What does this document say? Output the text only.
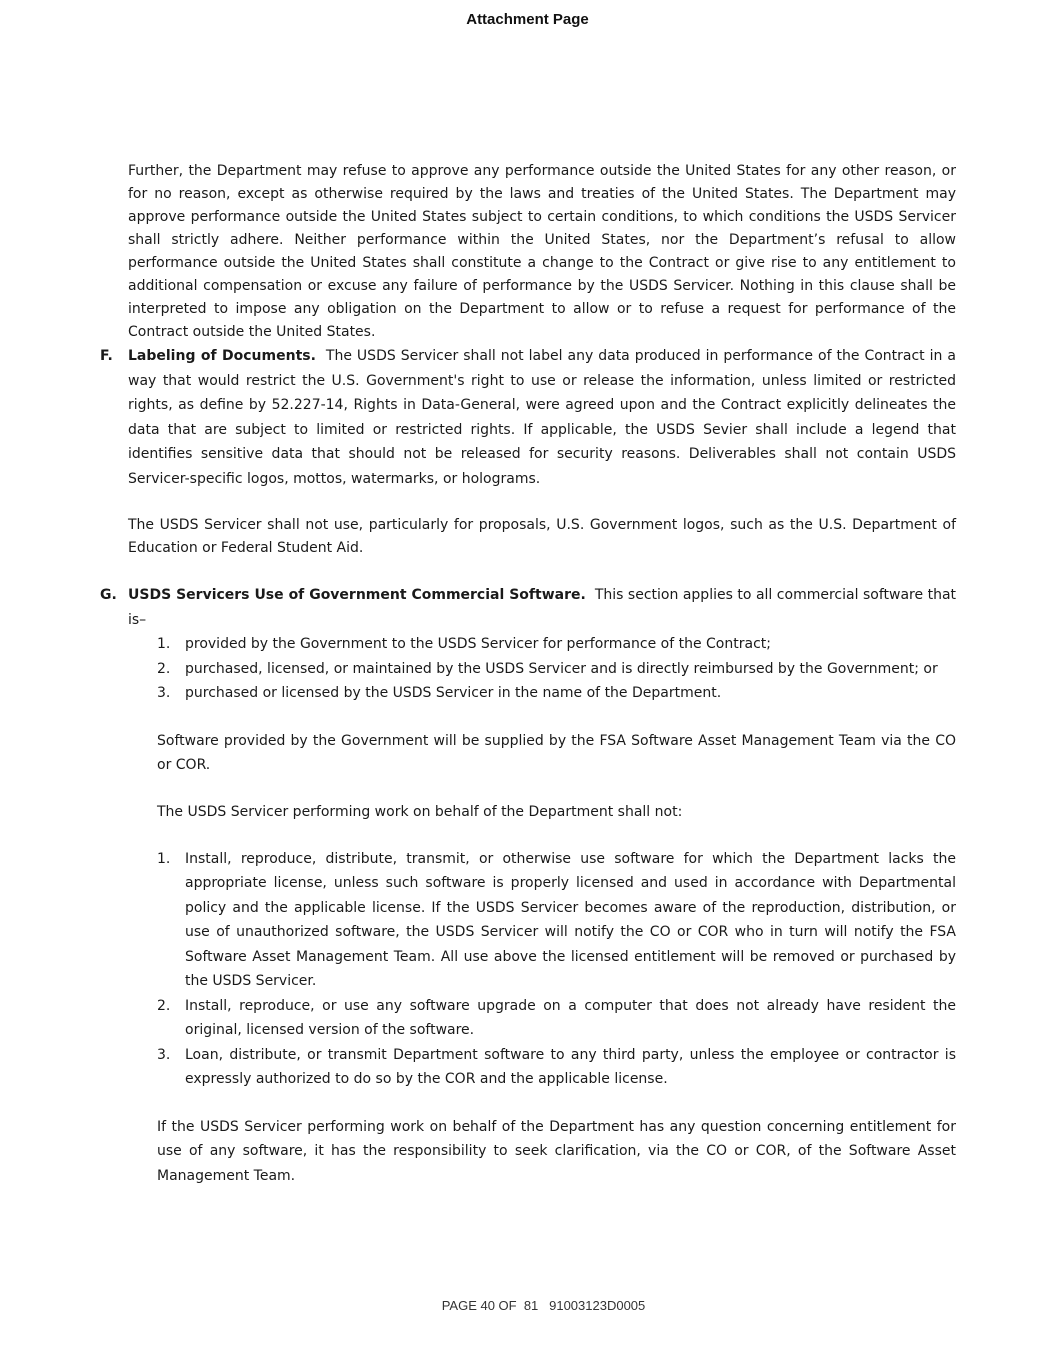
Attachment Page

Further, the Department may refuse to approve any performance outside the United States for any other reason, or for no reason, except as otherwise required by the laws and treaties of the United States. The Department may approve performance outside the United States subject to certain conditions, to which conditions the USDS Servicer shall strictly adhere. Neither performance within the United States, nor the Department’s refusal to allow performance outside the United States shall constitute a change to the Contract or give rise to any entitlement to additional compensation or excuse any failure of performance by the USDS Servicer. Nothing in this clause shall be interpreted to impose any obligation on the Department to allow or to refuse a request for performance of the Contract outside the United States.

F. Labeling of Documents. The USDS Servicer shall not label any data produced in performance of the Contract in a way that would restrict the U.S. Government's right to use or release the information, unless limited or restricted rights, as define by 52.227-14, Rights in Data-General, were agreed upon and the Contract explicitly delineates the data that are subject to limited or restricted rights. If applicable, the USDS Sevier shall include a legend that identifies sensitive data that should not be released for security reasons. Deliverables shall not contain USDS Servicer-specific logos, mottos, watermarks, or holograms.

The USDS Servicer shall not use, particularly for proposals, U.S. Government logos, such as the U.S. Department of Education or Federal Student Aid.

G. USDS Servicers Use of Government Commercial Software. This section applies to all commercial software that is–
1. provided by the Government to the USDS Servicer for performance of the Contract;
2. purchased, licensed, or maintained by the USDS Servicer and is directly reimbursed by the Government; or
3. purchased or licensed by the USDS Servicer in the name of the Department.

Software provided by the Government will be supplied by the FSA Software Asset Management Team via the CO or COR.

The USDS Servicer performing work on behalf of the Department shall not:

1. Install, reproduce, distribute, transmit, or otherwise use software for which the Department lacks the appropriate license, unless such software is properly licensed and used in accordance with Departmental policy and the applicable license. If the USDS Servicer becomes aware of the reproduction, distribution, or use of unauthorized software, the USDS Servicer will notify the CO or COR who in turn will notify the FSA Software Asset Management Team. All use above the licensed entitlement will be removed or purchased by the USDS Servicer.
2. Install, reproduce, or use any software upgrade on a computer that does not already have resident the original, licensed version of the software.
3. Loan, distribute, or transmit Department software to any third party, unless the employee or contractor is expressly authorized to do so by the COR and the applicable license.

If the USDS Servicer performing work on behalf of the Department has any question concerning entitlement for use of any software, it has the responsibility to seek clarification, via the CO or COR, of the Software Asset Management Team.

PAGE 40 OF  81   91003123D0005
